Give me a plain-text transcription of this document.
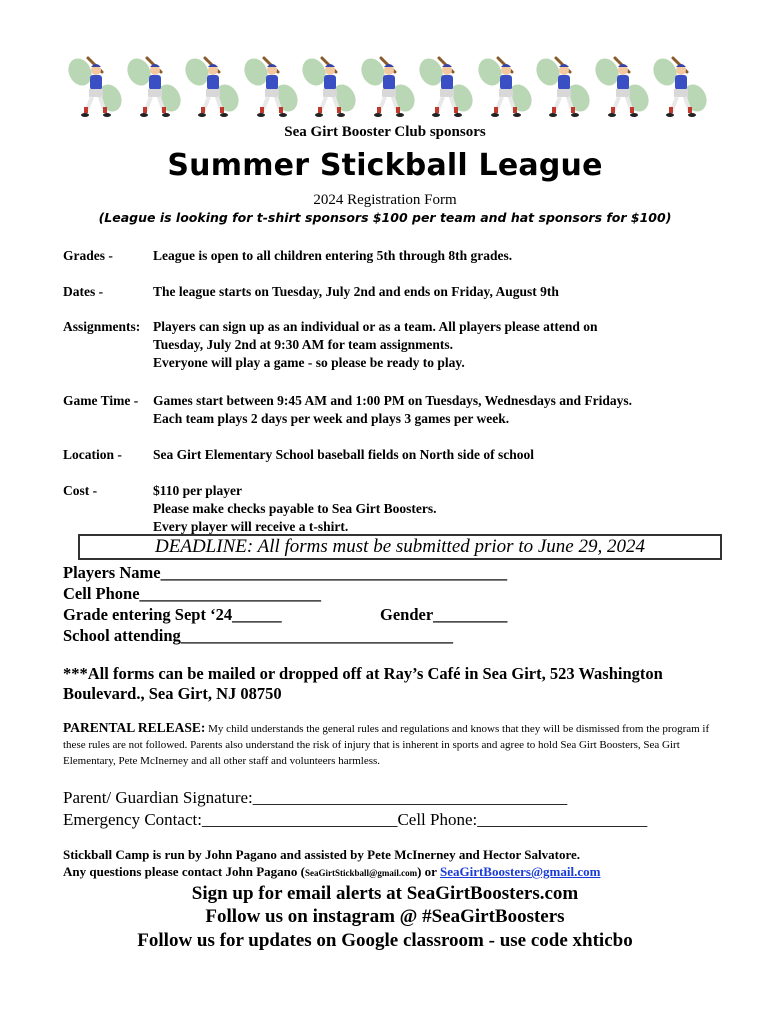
Sea Girt Booster Club sponsors
Summer Stickball League
2024 Registration Form
(League is looking for t-shirt sponsors $100 per team and hat sponsors for $100)
Grades -	League is open to all children entering 5th through 8th grades.
Dates -	The league starts on Tuesday, July 2nd and ends on Friday, August 9th
Assignments: Players can sign up as an individual or as a team. All players please attend on
Tuesday, July 2nd at 9:30 AM for team assignments.
Everyone will play a game - so please be ready to play.
Game Time - Games start between 9:45 AM and 1:00 PM on Tuesdays, Wednesdays and Fridays.
Each team plays 2 days per week and plays 3 games per week.
Location - Sea Girt Elementary School baseball fields on North side of school
Cost -	$110 per player
Please make checks payable to Sea Girt Boosters.
Every player will receive a t-shirt.
DEADLINE: All forms must be submitted prior to June 29, 2024
Players Name__________________________________________
Cell Phone______________________
Grade entering Sept ‘24______	Gender_________
School attending_________________________________
***All forms can be mailed or dropped off at Ray’s Café in Sea Girt, 523 Washington Boulevard., Sea Girt, NJ 08750
PARENTAL RELEASE: My child understands the general rules and regulations and knows that they will be dismissed from the program if these rules are not followed. Parents also understand the risk of injury that is inherent in sports and agree to hold Sea Girt Boosters, Sea Girt Elementary, Pete McInerney and all other staff and volunteers harmless.
Parent/ Guardian Signature:_____________________________________
Emergency Contact:_______________________Cell Phone:____________________
Stickball Camp is run by John Pagano and assisted by Pete McInerney and Hector Salvatore.
Any questions please contact John Pagano (SeaGirtStickball@gmail.com) or SeaGirtBoosters@gmail.com
Sign up for email alerts at SeaGirtBoosters.com
Follow us on instagram @ #SeaGirtBoosters
Follow us for updates on Google classroom - use code xhticbo
